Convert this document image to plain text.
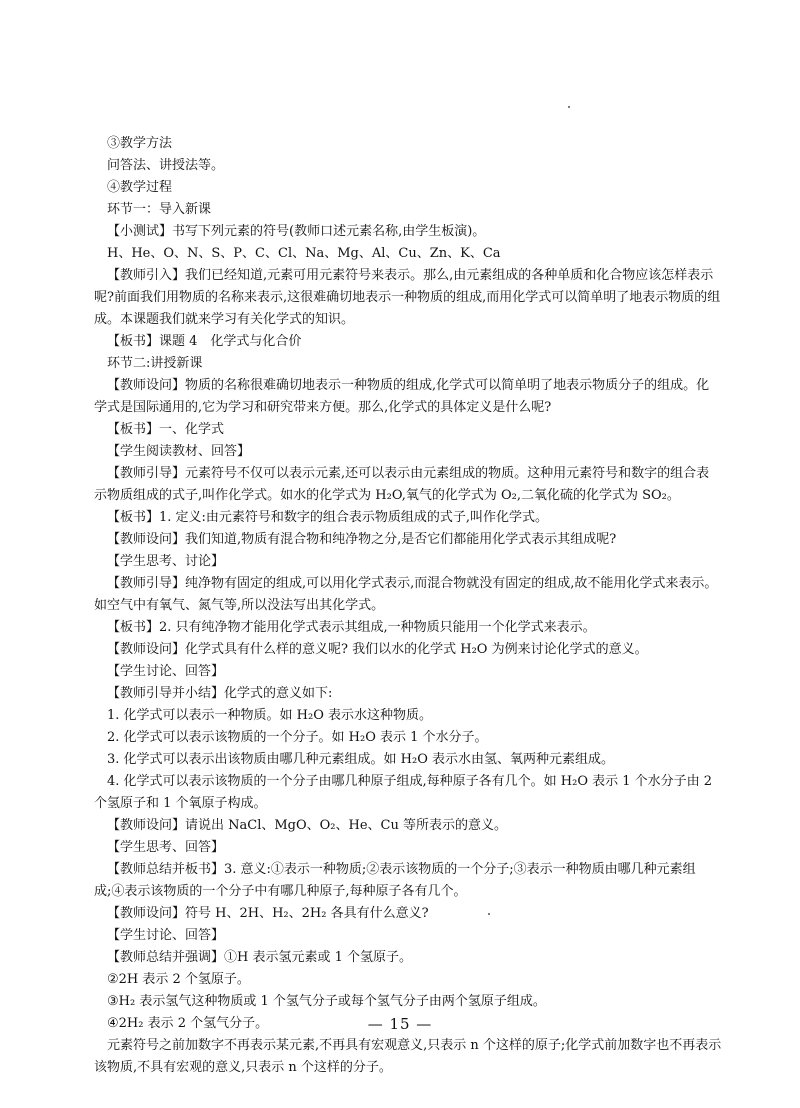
③教学方法
问答法、讲授法等。
④教学过程
环节一：导入新课
【小测试】书写下列元素的符号(教师口述元素名称,由学生板演)。
H、He、O、N、S、P、C、Cl、Na、Mg、Al、Cu、Zn、K、Ca
【教师引入】我们已经知道,元素可用元素符号来表示。那么,由元素组成的各种单质和化合物应该怎样表示呢?前面我们用物质的名称来表示,这很难确切地表示一种物质的组成,而用化学式可以简单明了地表示物质的组成。本课题我们就来学习有关化学式的知识。
【板书】课题 4　化学式与化合价
环节二:讲授新课
【教师设问】物质的名称很难确切地表示一种物质的组成,化学式可以简单明了地表示物质分子的组成。化学式是国际通用的,它为学习和研究带来方便。那么,化学式的具体定义是什么呢?
【板书】一、化学式
【学生阅读教材、回答】
【教师引导】元素符号不仅可以表示元素,还可以表示由元素组成的物质。这种用元素符号和数字的组合表示物质组成的式子,叫作化学式。如水的化学式为 H₂O,氧气的化学式为 O₂,二氧化硫的化学式为 SO₂。
【板书】1. 定义:由元素符号和数字的组合表示物质组成的式子,叫作化学式。
【教师设问】我们知道,物质有混合物和纯净物之分,是否它们都能用化学式表示其组成呢?
【学生思考、讨论】
【教师引导】纯净物有固定的组成,可以用化学式表示,而混合物就没有固定的组成,故不能用化学式来表示。如空气中有氧气、氮气等,所以没法写出其化学式。
【板书】2. 只有纯净物才能用化学式表示其组成,一种物质只能用一个化学式来表示。
【教师设问】化学式具有什么样的意义呢? 我们以水的化学式 H₂O 为例来讨论化学式的意义。
【学生讨论、回答】
【教师引导并小结】化学式的意义如下:
1. 化学式可以表示一种物质。如 H₂O 表示水这种物质。
2. 化学式可以表示该物质的一个分子。如 H₂O 表示 1 个水分子。
3. 化学式可以表示出该物质由哪几种元素组成。如 H₂O 表示水由氢、氧两种元素组成。
4. 化学式可以表示该物质的一个分子由哪几种原子组成,每种原子各有几个。如 H₂O 表示 1 个水分子由 2 个氢原子和 1 个氧原子构成。
【教师设问】请说出 NaCl、MgO、O₂、He、Cu 等所表示的意义。
【学生思考、回答】
【教师总结并板书】3. 意义:①表示一种物质;②表示该物质的一个分子;③表示一种物质由哪几种元素组成;④表示该物质的一个分子中有哪几种原子,每种原子各有几个。
【教师设问】符号 H、2H、H₂、2H₂ 各具有什么意义?
【学生讨论、回答】
【教师总结并强调】①H 表示氢元素或 1 个氢原子。
②2H 表示 2 个氢原子。
③H₂ 表示氢气这种物质或 1 个氢气分子或每个氢气分子由两个氢原子组成。
④2H₂ 表示 2 个氢气分子。
元素符号之前加数字不再表示某元素,不再具有宏观意义,只表示 n 个这样的原子;化学式前加数字也不再表示该物质,不具有宏观的意义,只表示 n 个这样的分子。
— 15 —
